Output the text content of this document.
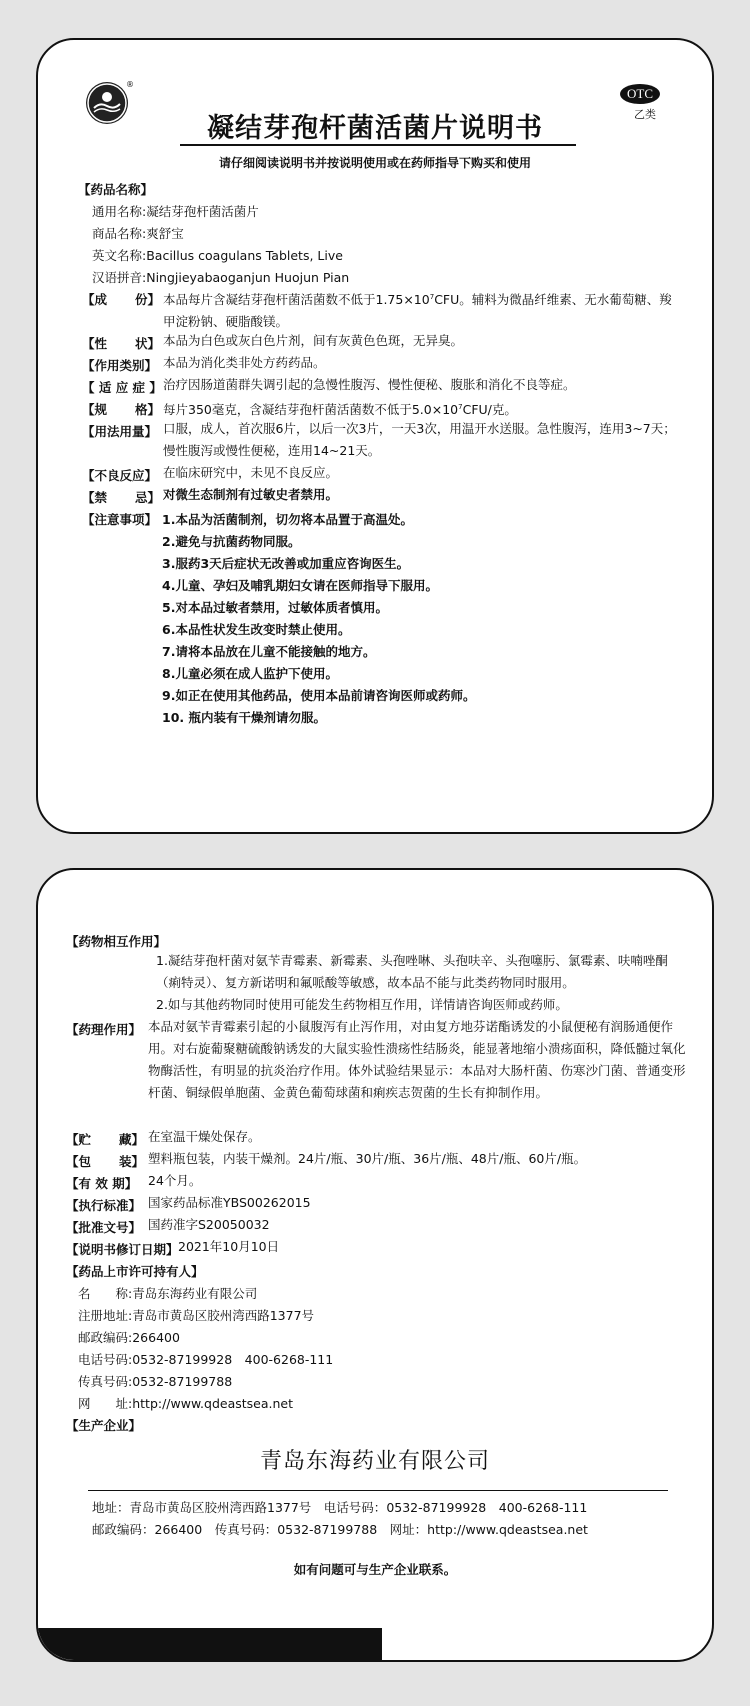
®
OTC
乙类
凝结芽孢杆菌活菌片说明书
请仔细阅读说明书并按说明使用或在药师指导下购买和使用
【药品名称】
通用名称:凝结芽孢杆菌活菌片
商品名称:爽舒宝
英文名称:Bacillus coagulans Tablets, Live
汉语拼音:Ningjieyabaoganjun Huojun Pian
【成 份】 本品每片含凝结芽孢杆菌活菌数不低于$1.75\times 10^7CFU$。辅料为微晶纤维素、无水葡萄糖、羧甲淀粉钠、硬脂酸镁。
【性 状】 本品为白色或灰白色片剂，间有灰黄色色斑，无异臭。
【作用类别】 本品为消化类非处方药药品。
【 适 应 症 】 治疗因肠道菌群失调引起的急慢性腹泻、慢性便秘、腹胀和消化不良等症。
【规 格】 每片350毫克，含凝结芽孢杆菌活菌数不低于$5.0\times 10^7CFU/$克。
【用法用量】 口服，成人，首次服6片，以后一次3片，一天3次，用温开水送服。急性腹泻，连用3~7天；慢性腹泻或慢性便秘，连用14~21天。
【不良反应】 在临床研究中，未见不良反应。
【禁 忌】 对微生态制剂有过敏史者禁用。
【注意事项】 1.本品为活菌制剂，切勿将本品置于高温处。
2.避免与抗菌药物同服。
3.服药3天后症状无改善或加重应咨询医生。
4.儿童、孕妇及哺乳期妇女请在医师指导下服用。
5.对本品过敏者禁用，过敏体质者慎用。
6.本品性状发生改变时禁止使用。
7.请将本品放在儿童不能接触的地方。
8.儿童必须在成人监护下使用。
9.如正在使用其他药品，使用本品前请咨询医师或药师。
10. 瓶内装有干燥剂请勿服。
【药物相互作用】
1.凝结芽孢杆菌对氨苄青霉素、新霉素、头孢唑啉、头孢呋辛、头孢噻肟、氯霉素、呋喃唑酮（痢特灵）、复方新诺明和氟哌酸等敏感，故本品不能与此类药物同时服用。
2.如与其他药物同时使用可能发生药物相互作用，详情请咨询医师或药师。
【药理作用】 本品对氨苄青霉素引起的小鼠腹泻有止泻作用，对由复方地芬诺酯诱发的小鼠便秘有润肠通便作用。对右旋葡聚糖硫酸钠诱发的大鼠实验性溃疡性结肠炎，能显著地缩小溃疡面积，降低髓过氧化物酶活性，有明显的抗炎治疗作用。体外试验结果显示：本品对大肠杆菌、伤寒沙门菌、普通变形杆菌、铜绿假单胞菌、金黄色葡萄球菌和痢疾志贺菌的生长有抑制作用。
【贮 藏】 在室温干燥处保存。
【包 装】 塑料瓶包装，内装干燥剂。24片/瓶、30片/瓶、36片/瓶、48片/瓶、60片/瓶。
【有 效 期】 24个月。
【执行标准】 国家药品标准YBS00262015
【批准文号】 国药准字S20050032
【说明书修订日期】 2021年10月10日
【药品上市许可持有人】
名　　称:青岛东海药业有限公司
注册地址:青岛市黄岛区胶州湾西路1377号
邮政编码:266400
电话号码:0532-87199928　400-6268-111
传真号码:0532-87199788
网　　址:http://www.qdeastsea.net
【生产企业】
青岛东海药业有限公司
地址：青岛市黄岛区胶州湾西路1377号　电话号码：0532-87199928　400-6268-111
邮政编码：266400　传真号码：0532-87199788　网址：http://www.qdeastsea.net
如有问题可与生产企业联系。
